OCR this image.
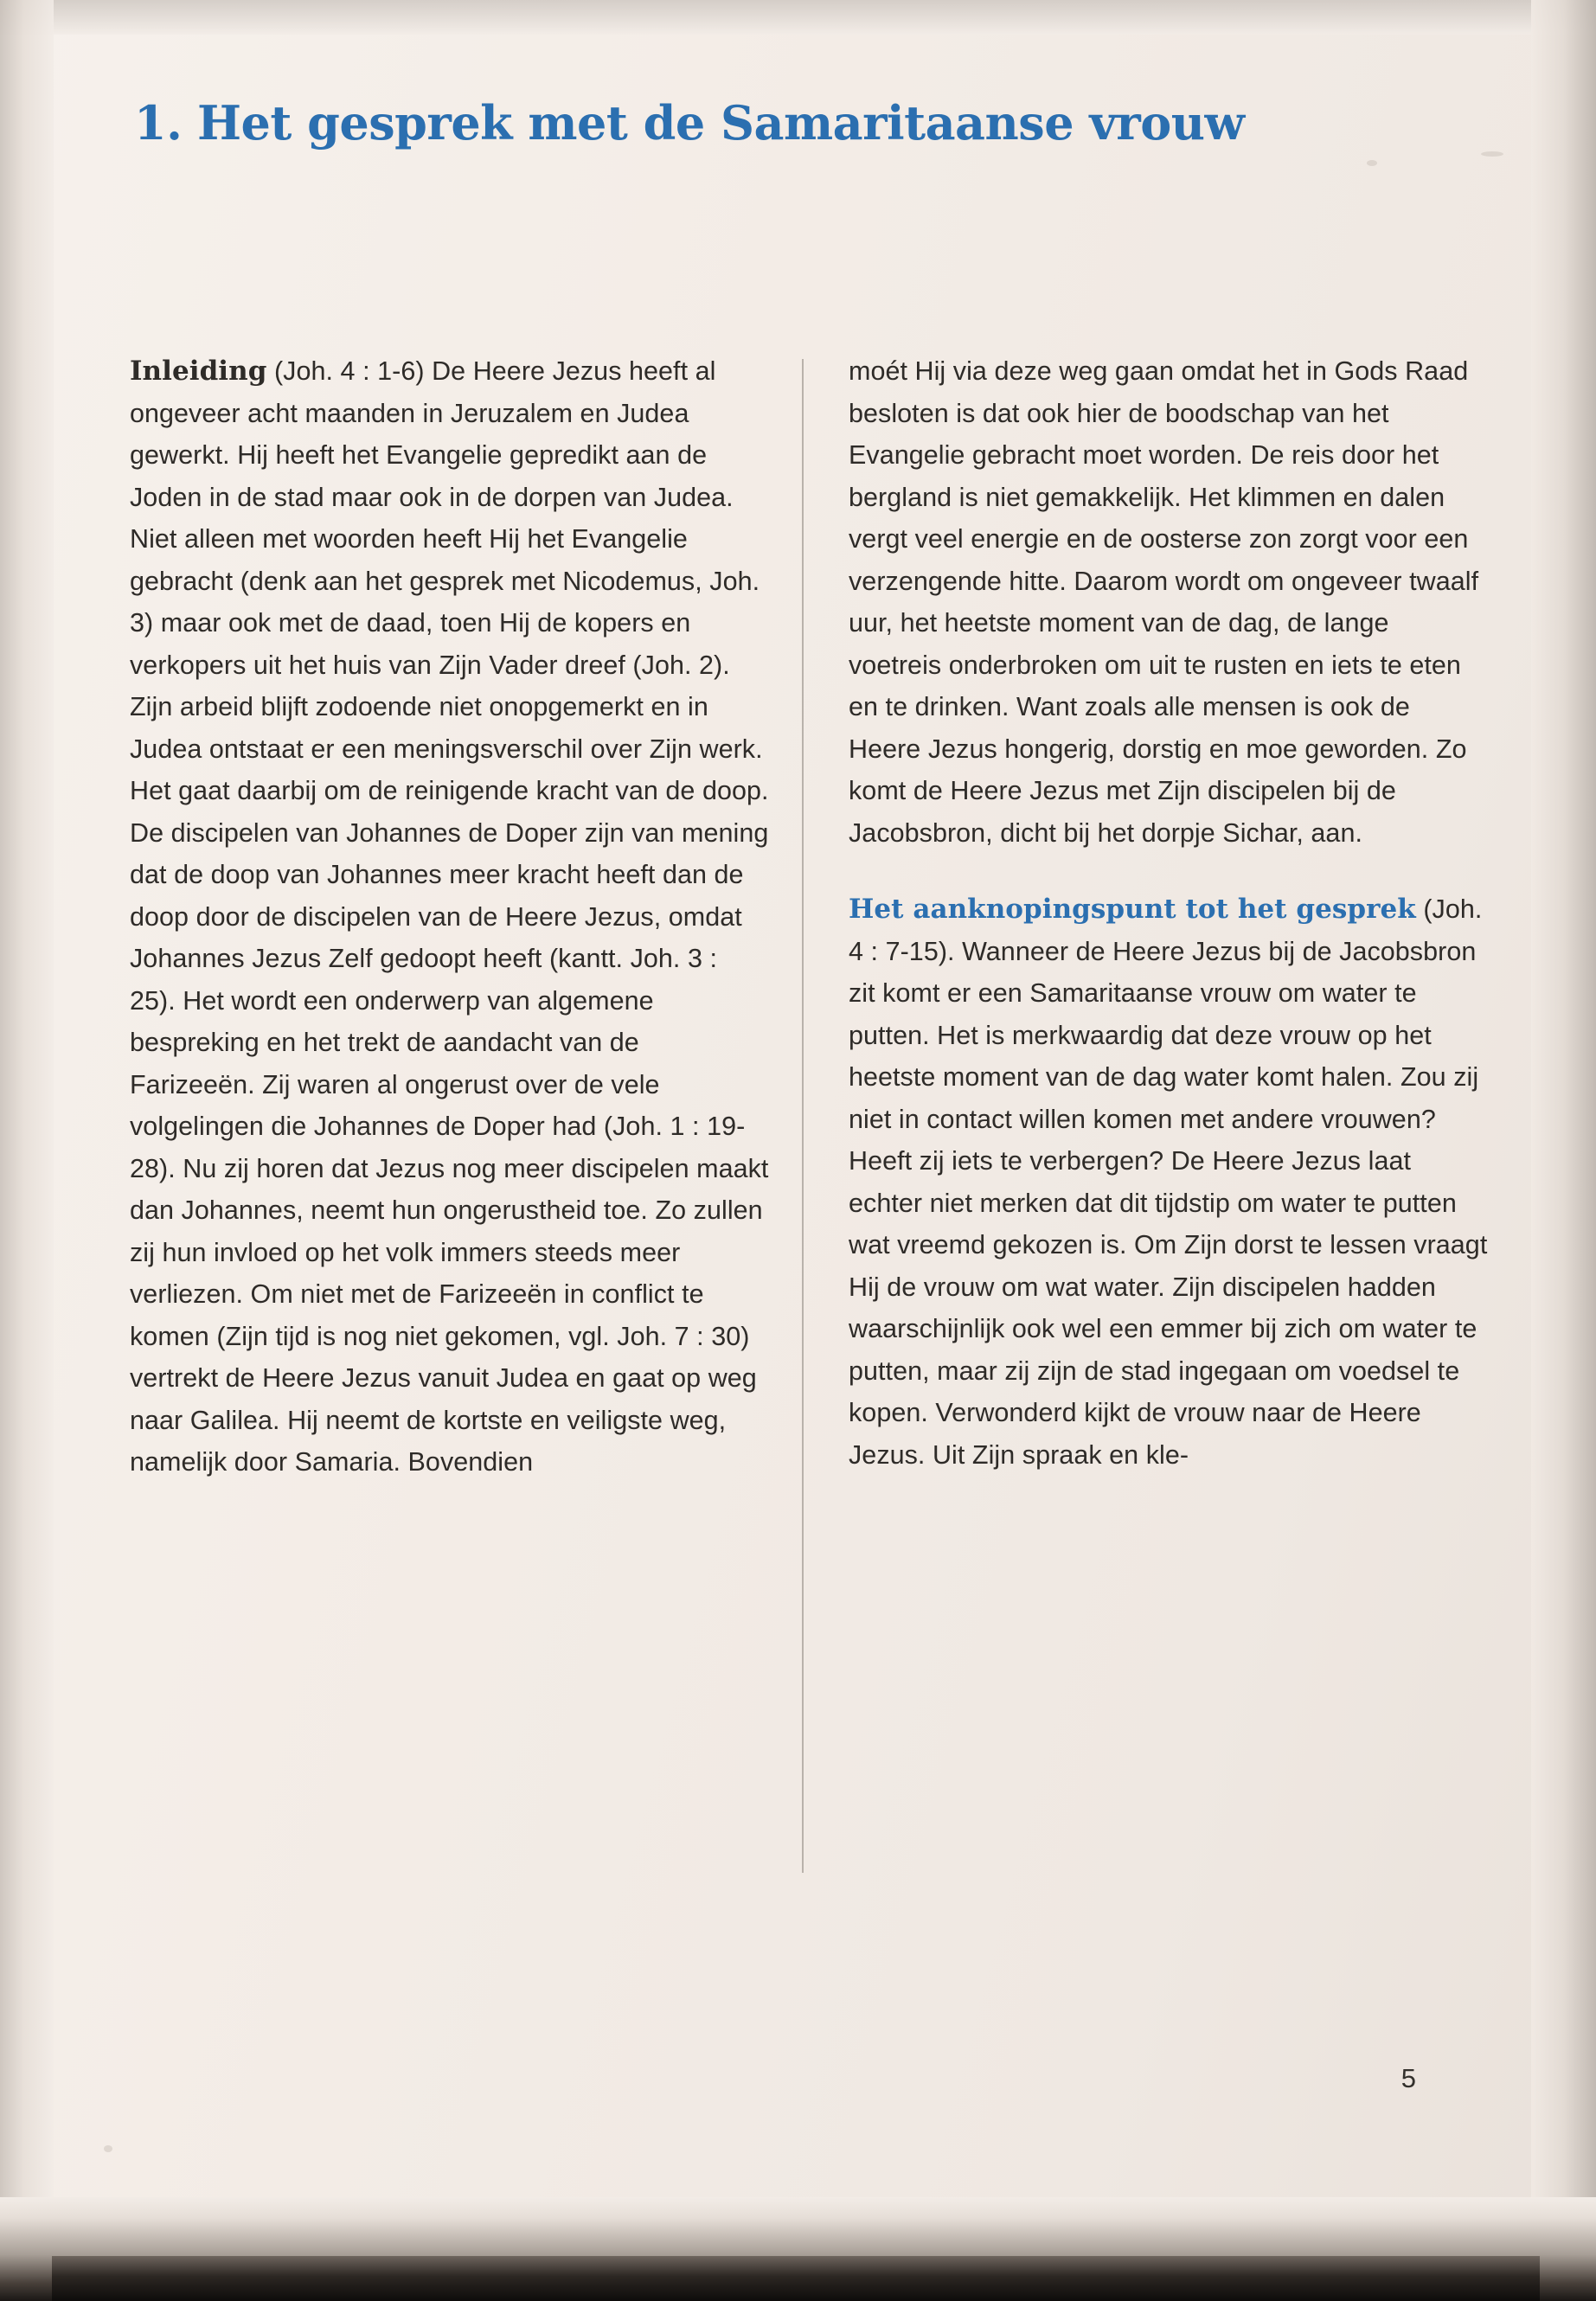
1. Het gesprek met de Samaritaanse vrouw

Inleiding (Joh. 4 : 1-6) De Heere Jezus heeft al ongeveer acht maanden in Jeruzalem en Judea gewerkt. Hij heeft het Evangelie gepredikt aan de Joden in de stad maar ook in de dorpen van Judea. Niet alleen met woorden heeft Hij het Evangelie gebracht (denk aan het gesprek met Nicodemus, Joh. 3) maar ook met de daad, toen Hij de kopers en verkopers uit het huis van Zijn Vader dreef (Joh. 2). Zijn arbeid blijft zodoende niet onopgemerkt en in Judea ontstaat er een meningsverschil over Zijn werk. Het gaat daarbij om de reinigende kracht van de doop. De discipelen van Johannes de Doper zijn van mening dat de doop van Johannes meer kracht heeft dan de doop door de discipelen van de Heere Jezus, omdat Johannes Jezus Zelf gedoopt heeft (kantt. Joh. 3 : 25). Het wordt een onderwerp van algemene bespreking en het trekt de aandacht van de Farizeeën. Zij waren al ongerust over de vele volgelingen die Johannes de Doper had (Joh. 1 : 19-28). Nu zij horen dat Jezus nog meer discipelen maakt dan Johannes, neemt hun ongerustheid toe. Zo zullen zij hun invloed op het volk immers steeds meer verliezen. Om niet met de Farizeeën in conflict te komen (Zijn tijd is nog niet gekomen, vgl. Joh. 7 : 30) vertrekt de Heere Jezus vanuit Judea en gaat op weg naar Galilea. Hij neemt de kortste en veiligste weg, namelijk door Samaria. Bovendien

moét Hij via deze weg gaan omdat het in Gods Raad besloten is dat ook hier de boodschap van het Evangelie gebracht moet worden. De reis door het bergland is niet gemakkelijk. Het klimmen en dalen vergt veel energie en de oosterse zon zorgt voor een verzengende hitte. Daarom wordt om ongeveer twaalf uur, het heetste moment van de dag, de lange voetreis onderbroken om uit te rusten en iets te eten en te drinken. Want zoals alle mensen is ook de Heere Jezus hongerig, dorstig en moe geworden. Zo komt de Heere Jezus met Zijn discipelen bij de Jacobsbron, dicht bij het dorpje Sichar, aan.

Het aanknopingspunt tot het gesprek (Joh. 4 : 7-15). Wanneer de Heere Jezus bij de Jacobsbron zit komt er een Samaritaanse vrouw om water te putten. Het is merkwaardig dat deze vrouw op het heetste moment van de dag water komt halen. Zou zij niet in contact willen komen met andere vrouwen? Heeft zij iets te verbergen? De Heere Jezus laat echter niet merken dat dit tijdstip om water te putten wat vreemd gekozen is. Om Zijn dorst te lessen vraagt Hij de vrouw om wat water. Zijn discipelen hadden waarschijnlijk ook wel een emmer bij zich om water te putten, maar zij zijn de stad ingegaan om voedsel te kopen. Verwonderd kijkt de vrouw naar de Heere Jezus. Uit Zijn spraak en kle-

5
